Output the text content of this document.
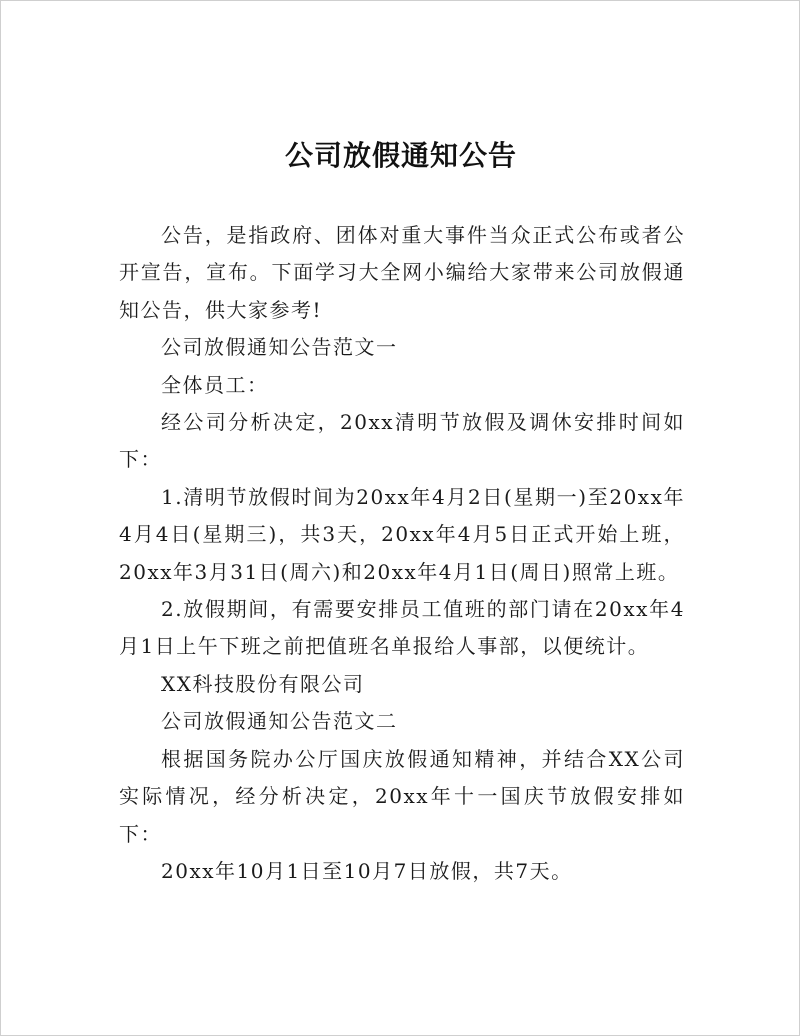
公司放假通知公告

公告，是指政府、团体对重大事件当众正式公布或者公开宣告，宣布。下面学习大全网小编给大家带来公司放假通知公告，供大家参考!

公司放假通知公告范文一

全体员工：

经公司分析决定，20xx清明节放假及调休安排时间如下：

1.清明节放假时间为20xx年4月2日(星期一)至20xx年4月4日(星期三)，共3天，20xx年4月5日正式开始上班，20xx年3月31日(周六)和20xx年4月1日(周日)照常上班。

2.放假期间，有需要安排员工值班的部门请在20xx年4月1日上午下班之前把值班名单报给人事部，以便统计。

XX科技股份有限公司

公司放假通知公告范文二

根据国务院办公厅国庆放假通知精神，并结合XX公司实际情况，经分析决定，20xx年十一国庆节放假安排如下：

20xx年10月1日至10月7日放假，共7天。
